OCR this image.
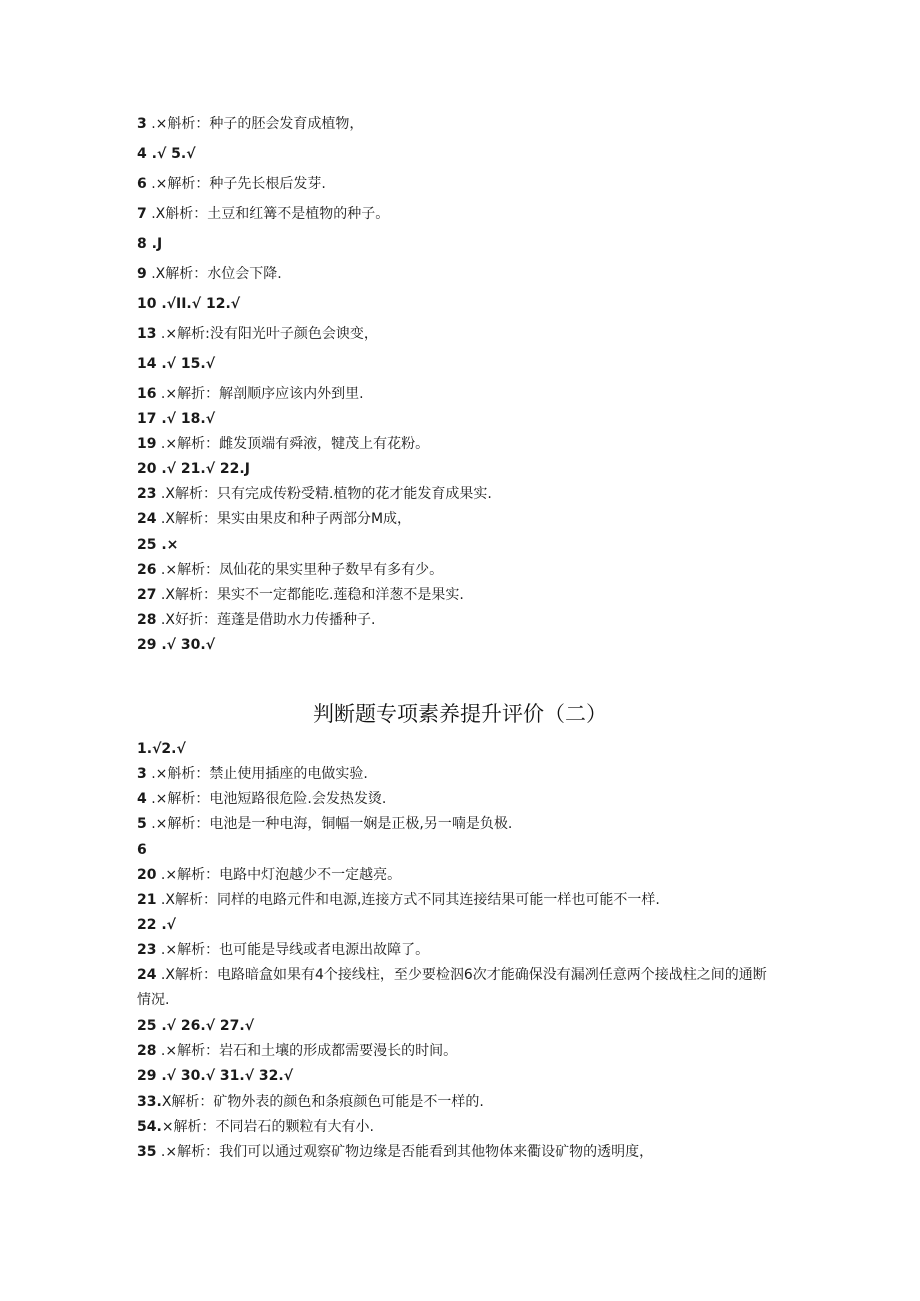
3 .×斛析：种子的胚会发育成植物，
4 .√ 5.√
6 .×解析：种子先长根后发芽.
7 .X斛析：土豆和红篝不是植物的种子。
8 .J
9 .X解析：水位会下降.
10 .√II.√ 12.√
13 .×解析:没有阳光叶子颜色会谀变，
14 .√ 15.√
16 .×解折：解剖顺序应该内外到里.
17 .√ 18.√
19 .×解析：雌发顶端有舜液，犍茂上有花粉。
20 .√ 21.√ 22.J
23 .X解析：只有完成传粉受精.植物的花才能发育成果实.
24 .X解析：果实由果皮和种子两部分M成，
25 .×
26 .×解析：凤仙花的果实里种子数早有多有少。
27 .X解析：果实不一定都能吃.莲稳和洋葱不是果实.
28 .X好折：莲蓬是借助水力传播种子.
29 .√ 30.√
判断题专项素养提升评价（二）
1.√2.√
3 .×斛析：禁止使用插座的电做实验.
4 .×解析：电池短路很危险.会发热发烫.
5 .×解析：电池是一种电海，铜幅一娴是正极,另一喃是负极.
6
20 .×解析：电路中灯泡越少不一定越亮。
21 .X解析：同样的电路元件和电源,连接方式不同其连接结果可能一样也可能不一样.
22 .√
23 .×解析：也可能是导线或者电源出故障了。
24 .X解析：电路暗盒如果有4个接线柱，至少要检泅6次才能确保没有漏冽任意两个接战柱之间的通断情况.
25 .√ 26.√ 27.√
28 .×解析：岩石和土壤的形成都需要漫长的时间。
29 .√ 30.√ 31.√ 32.√
33.X解析：矿物外表的颜色和条痕颜色可能是不一样的.
54.×解析：不同岩石的颗粒有大有小.
35 .×解析：我们可以通过观察矿物边缘是否能看到其他物体来衢设矿物的透明度，
